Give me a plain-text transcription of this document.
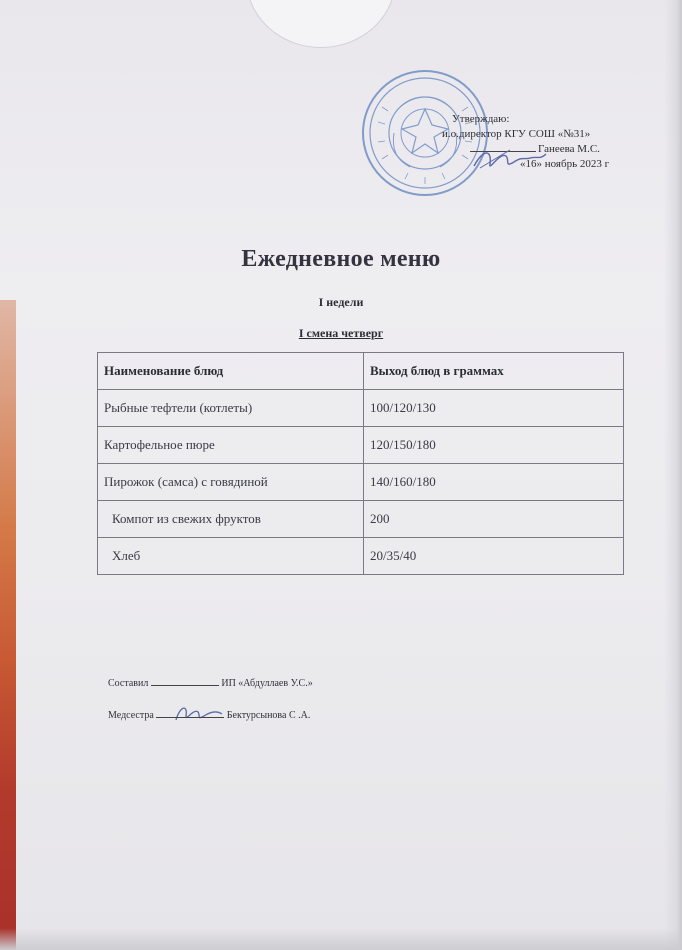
Утверждаю:
и.о.директор КГУ СОШ «№31»
Ганеева М.С.
«16» ноябрь 2023 г
Ежедневное меню
I недели
I смена четверг
Наименование блюд	Выход блюд в граммах
Рыбные тефтели (котлеты)	100/120/130
Картофельное пюре	120/150/180
Пирожок (самса) с говядиной	140/160/180
Компот из свежих фруктов	200
Хлеб	20/35/40
Составил	ИП «Абдуллаев У.С.»
Медсестра	Бектурсынова С .А.
